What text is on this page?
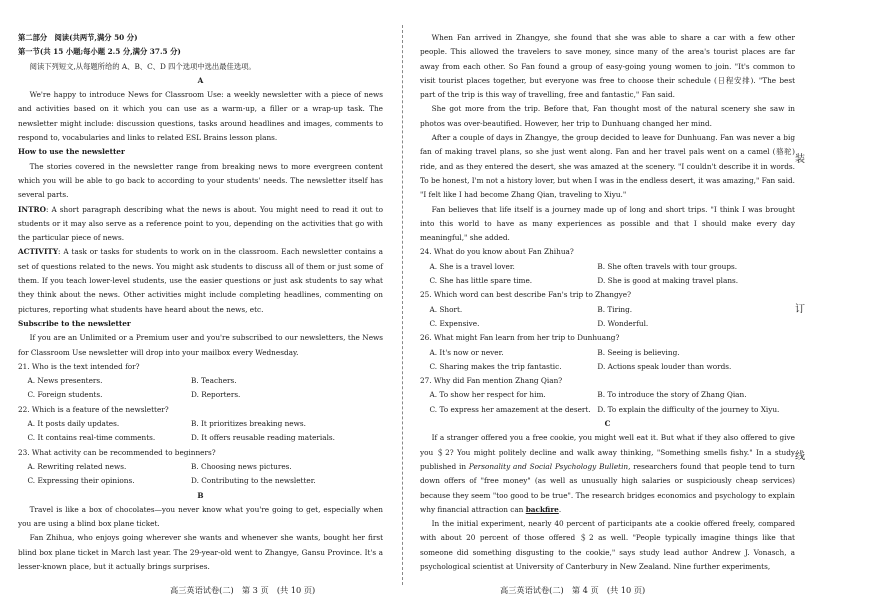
第二部分　阅读(共两节,满分 50 分)

第一节(共 15 小题;每小题 2.5 分,满分 37.5 分)

阅读下列短文,从每题所给的 A、B、C、D 四个选项中选出最佳选项。

A

We're happy to introduce News for Classroom Use: a weekly newsletter with a piece of news and activities based on it which you can use as a warm-up, a filler or a wrap-up task. The newsletter might include: discussion questions, tasks around headlines and images, comments to respond to, vocabularies and links to related ESL Brains lesson plans.

How to use the newsletter

The stories covered in the newsletter range from breaking news to more evergreen content which you will be able to go back to according to your students' needs. The newsletter itself has several parts.

INTRO: A short paragraph describing what the news is about. You might need to read it out to students or it may also serve as a reference point to you, depending on the activities that go with the particular piece of news.

ACTIVITY: A task or tasks for students to work on in the classroom. Each newsletter contains a set of questions related to the news. You might ask students to discuss all of them or just some of them. If you teach lower-level students, use the easier questions or just ask students to say what they think about the news. Other activities might include completing headlines, commenting on pictures, reporting what students have heard about the news, etc.

Subscribe to the newsletter

If you are an Unlimited or a Premium user and you're subscribed to our newsletters, the News for Classroom Use newsletter will drop into your mailbox every Wednesday.

21. Who is the text intended for?

A. News presenters.	B. Teachers.
C. Foreign students.	D. Reporters.

22. Which is a feature of the newsletter?

A. It posts daily updates.	B. It prioritizes breaking news.
C. It contains real-time comments.	D. It offers reusable reading materials.

23. What activity can be recommended to beginners?

A. Rewriting related news.	B. Choosing news pictures.
C. Expressing their opinions.	D. Contributing to the newsletter.

B

Travel is like a box of chocolates—you never know what you're going to get, especially when you are using a blind box plane ticket.

Fan Zhihua, who enjoys going wherever she wants and whenever she wants, bought her first blind box plane ticket in March last year. The 29-year-old went to Zhangye, Gansu Province. It's a lesser-known place, but it actually brings surprises.

When Fan arrived in Zhangye, she found that she was able to share a car with a few other people. This allowed the travelers to save money, since many of the area's tourist places are far away from each other. So Fan found a group of easy-going young women to join. "It's common to visit tourist places together, but everyone was free to choose their schedule (日程安排). "The best part of the trip is this way of travelling, free and fantastic," Fan said.

She got more from the trip. Before that, Fan thought most of the natural scenery she saw in photos was over-beautified. However, her trip to Dunhuang changed her mind.

After a couple of days in Zhangye, the group decided to leave for Dunhuang. Fan was never a big fan of making travel plans, so she just went along. Fan and her travel pals went on a camel (骆驼) ride, and as they entered the desert, she was amazed at the scenery. "I couldn't describe it in words. To be honest, I'm not a history lover, but when I was in the endless desert, it was amazing," Fan said. "I felt like I had become Zhang Qian, traveling to Xiyu."

Fan believes that life itself is a journey made up of long and short trips. "I think I was brought into this world to have as many experiences as possible and that I should make every day meaningful," she added.

24. What do you know about Fan Zhihua?

A. She is a travel lover.	B. She often travels with tour groups.
C. She has little spare time.	D. She is good at making travel plans.

25. Which word can best describe Fan's trip to Zhangye?

A. Short.	B. Tiring.
C. Expensive.	D. Wonderful.

26. What might Fan learn from her trip to Dunhuang?

A. It's now or never.	B. Seeing is believing.
C. Sharing makes the trip fantastic.	D. Actions speak louder than words.

27. Why did Fan mention Zhang Qian?

A. To show her respect for him.	B. To introduce the story of Zhang Qian.
C. To express her amazement at the desert. D. To explain the difficulty of the journey to Xiyu.

C

If a stranger offered you a free cookie, you might well eat it. But what if they also offered to give you ＄2? You might politely decline and walk away thinking, "Something smells fishy." In a study published in Personality and Social Psychology Bulletin, researchers found that people tend to turn down offers of "free money" (as well as unusually high salaries or suspiciously cheap services) because they seem "too good to be true". The research bridges economics and psychology to explain why financial attraction can backfire.

In the initial experiment, nearly 40 percent of participants ate a cookie offered freely, compared with about 20 percent of those offered ＄2 as well. "People typically imagine things like that someone did something disgusting to the cookie," says study lead author Andrew J. Vonasch, a psychological scientist at University of Canterbury in New Zealand. Nine further experiments,

装
订
线
高三英语试卷(二)　第 3 页　(共 10 页)	高三英语试卷(二)　第 4 页　(共 10 页)
